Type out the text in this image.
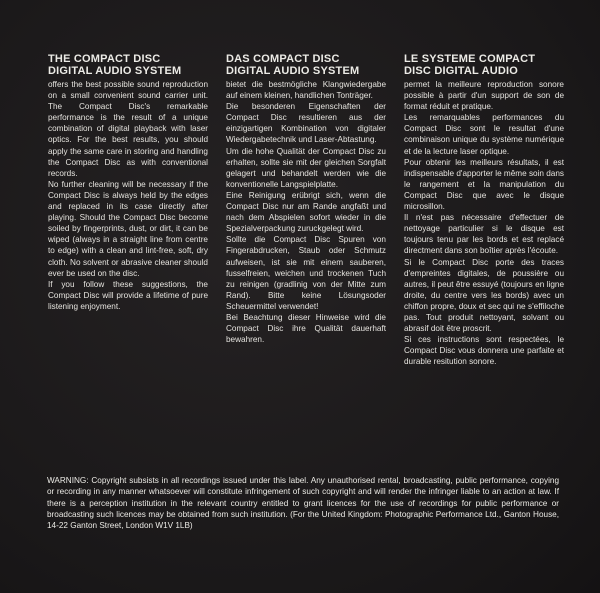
THE COMPACT DISC DIGITAL AUDIO SYSTEM

offers the best possible sound reproduction on a small convenient sound carrier unit. The Compact Disc's remarkable performance is the result of a unique combination of digital playback with laser optics. For the best results, you should apply the same care in storing and handling the Compact Disc as with conventional records.

No further cleaning will be necessary if the Compact Disc is always held by the edges and replaced in its case directly after playing. Should the Compact Disc become soiled by fingerprints, dust, or dirt, it can be wiped (always in a straight line from centre to edge) with a clean and lint-free, soft, dry cloth. No solvent or abrasive cleaner should ever be used on the disc.

If you follow these suggestions, the Compact Disc will provide a lifetime of pure listening enjoyment.

DAS COMPACT DISC DIGITAL AUDIO SYSTEM

bietet die bestmögliche Klangwiedergabe auf einem kleinen, handlichen Tonträger.

Die besonderen Eigenschaften der Compact Disc resultieren aus der einzigartigen Kombination von digitaler Wiedergabetechnik und Laser-Abtastung.

Um die hohe Qualität der Compact Disc zu erhalten, sollte sie mit der gleichen Sorgfalt gelagert und behandelt werden wie die konventionelle Langspielplatte.

Eine Reinigung erübrigt sich, wenn die Compact Disc nur am Rande angfaßt und nach dem Abspielen sofort wieder in die Spezialverpackung zuruckgelegt wird.

Sollte die Compact Disc Spuren von Fingerabdrucken, Staub oder Schmutz aufweisen, ist sie mit einem sauberen, fusselfreien, weichen und trockenen Tuch zu reinigen (gradlinig von der Mitte zum Rand). Bitte keine Lösungsoder Scheuermittel verwendet!

Bei Beachtung dieser Hinweise wird die Compact Disc ihre Qualität dauerhaft bewahren.

LE SYSTEME COMPACT DISC DIGITAL AUDIO

permet la meilleure reproduction sonore possible à partir d'un support de son de format réduit et pratique.

Les remarquables performances du Compact Disc sont le resultat d'une combinaison unique du système numérique et de la lecture laser optique.

Pour obtenir les meilleurs résultats, il est indispensable d'apporter le même soin dans le rangement et la manipulation du Compact Disc que avec le disque microsillon.

Il n'est pas nécessaire d'effectuer de nettoyage particulier si le disque est toujours tenu par les bords et est replacé directment dans son boîtier après l'écoute.

Si le Compact Disc porte des traces d'empreintes digitales, de poussière ou autres, il peut être essuyé (toujours en ligne droite, du centre vers les bords) avec un chiffon propre, doux et sec qui ne s'effiloche pas. Tout produit nettoyant, solvant ou abrasif doit être proscrit.

Si ces instructions sont respectées, le Compact Disc vous donnera une parfaite et durable resitution sonore.

WARNING: Copyright subsists in all recordings issued under this label. Any unauthorised rental, broadcasting, public performance, copying or recording in any manner whatsoever will constitute infringement of such copyright and will render the infringer liable to an action at law. If there is a perception institution in the relevant country entitled to grant licences for the use of recordings for public performance or broadcasting such licences may be obtained from such institution. (For the United Kingdom: Photographic Performance Ltd., Ganton House, 14-22 Ganton Street, London W1V 1LB)
